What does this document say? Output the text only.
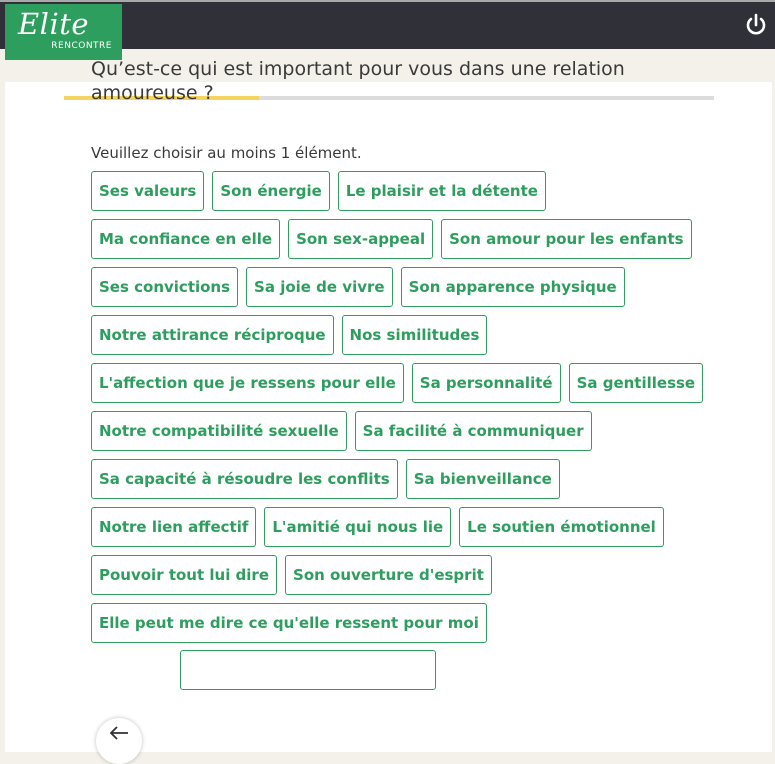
Elite
RENCONTRE
Qu’est-ce qui est important pour vous dans une relation amoureuse ?
Veuillez choisir au moins 1 élément.
Ses valeurs	Son énergie	Le plaisir et la détente
Ma confiance en elle	Son sex-appeal	Son amour pour les enfants
Ses convictions	Sa joie de vivre	Son apparence physique
Notre attirance réciproque	Nos similitudes
L'affection que je ressens pour elle	Sa personnalité	Sa gentillesse
Notre compatibilité sexuelle	Sa facilité à communiquer
Sa capacité à résoudre les conflits	Sa bienveillance
Notre lien affectif	L'amitié qui nous lie	Le soutien émotionnel
Pouvoir tout lui dire	Son ouverture d'esprit
Elle peut me dire ce qu'elle ressent pour moi
